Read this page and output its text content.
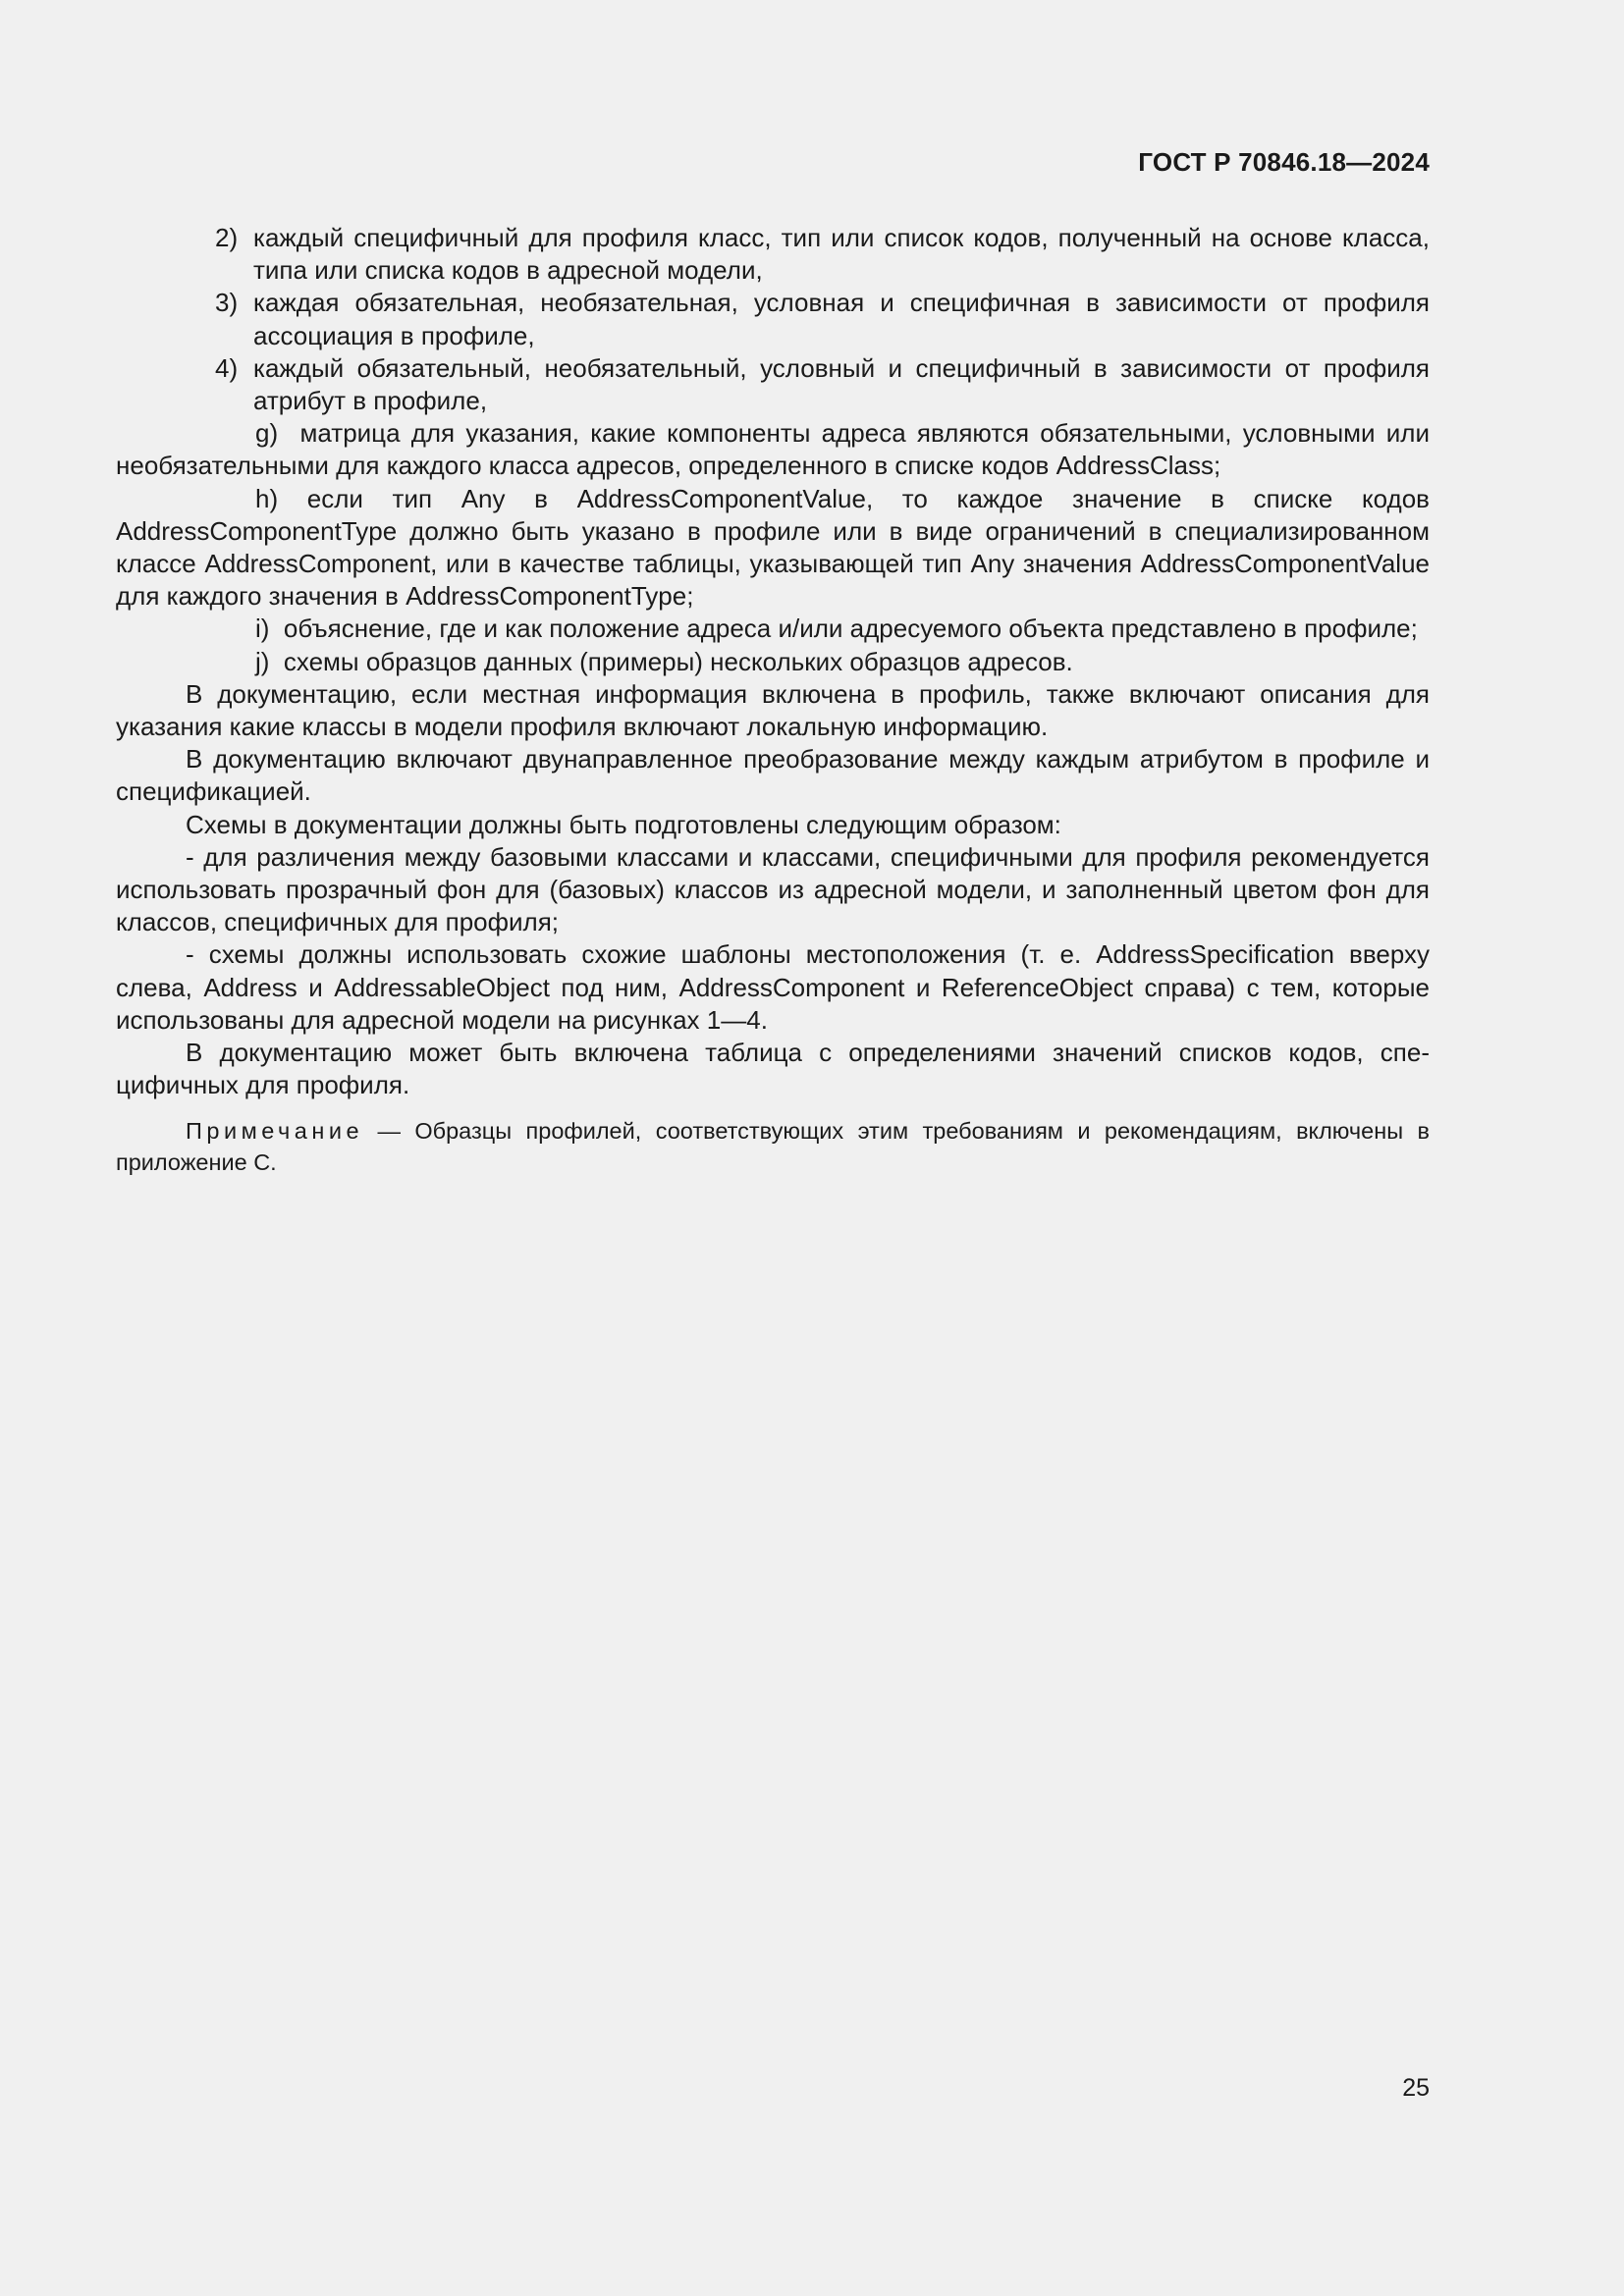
ГОСТ Р 70846.18—2024
2) каждый специфичный для профиля класс, тип или список кодов, полученный на основе класса, типа или списка кодов в адресной модели,
3) каждая обязательная, необязательная, условная и специфичная в зависимости от профиля ассоциация в профиле,
4) каждый обязательный, необязательный, условный и специфичный в зависимости от профиля атрибут в профиле,
g) матрица для указания, какие компоненты адреса являются обязательными, условными или необязательными для каждого класса адресов, определенного в списке кодов AddressClass;
h) если тип Any в AddressComponentValue, то каждое значение в списке кодов AddressComponentType должно быть указано в профиле или в виде ограничений в специализированном классе AddressComponent, или в качестве таблицы, указывающей тип Any значения AddressComponentValue для каждого значения в AddressComponentType;
i) объяснение, где и как положение адреса и/или адресуемого объекта представлено в профиле;
j) схемы образцов данных (примеры) нескольких образцов адресов.

В документацию, если местная информация включена в профиль, также включают описания для указания какие классы в модели профиля включают локальную информацию.

В документацию включают двунаправленное преобразование между каждым атрибутом в профиле и спецификацией.

Схемы в документации должны быть подготовлены следующим образом:

- для различения между базовыми классами и классами, специфичными для профиля рекомендуется использовать прозрачный фон для (базовых) классов из адресной модели, и заполненный цветом фон для классов, специфичных для профиля;

- схемы должны использовать схожие шаблоны местоположения (т. е. AddressSpecification вверху слева, Address и AddressableObject под ним, AddressComponent и ReferenceObject справа) с тем, которые использованы для адресной модели на рисунках 1—4.

В документацию может быть включена таблица с определениями значений списков кодов, специфичных для профиля.

Примечание — Образцы профилей, соответствующих этим требованиям и рекомендациям, включены в приложение С.
25
